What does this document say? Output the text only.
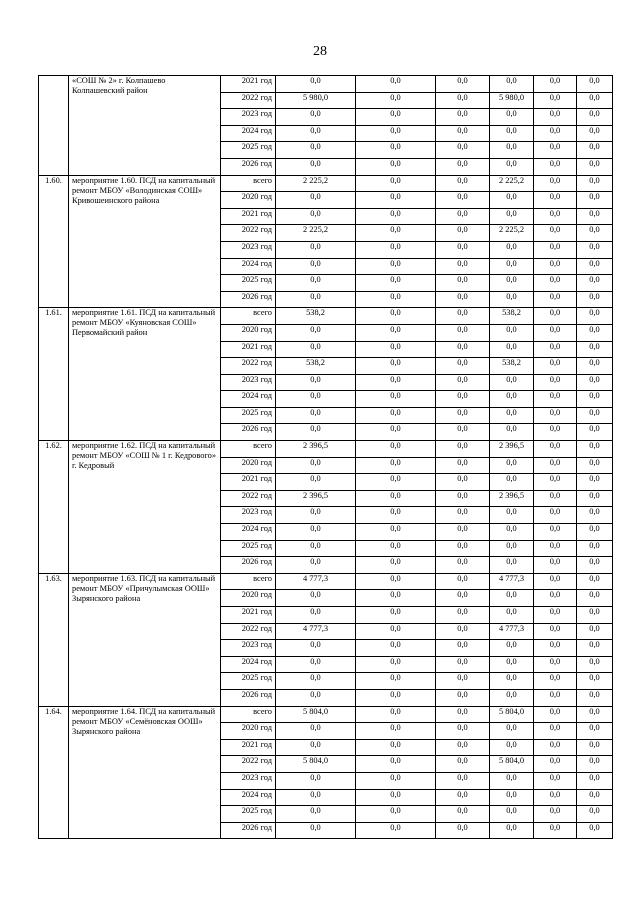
28
	«СОШ № 2» г. Колпашево Колпашевский район	2021 год	0,0	0,0	0,0	0,0	0,0	0,0
		2022 год	5 980,0	0,0	0,0	5 980,0	0,0	0,0
		2023 год	0,0	0,0	0,0	0,0	0,0	0,0
		2024 год	0,0	0,0	0,0	0,0	0,0	0,0
		2025 год	0,0	0,0	0,0	0,0	0,0	0,0
		2026 год	0,0	0,0	0,0	0,0	0,0	0,0
1.60.	мероприятие 1.60. ПСД на капитальный ремонт МБОУ «Володинская СОШ» Кривошеинского района	всего	2 225,2	0,0	0,0	2 225,2	0,0	0,0
		2020 год	0,0	0,0	0,0	0,0	0,0	0,0
		2021 год	0,0	0,0	0,0	0,0	0,0	0,0
		2022 год	2 225,2	0,0	0,0	2 225,2	0,0	0,0
		2023 год	0,0	0,0	0,0	0,0	0,0	0,0
		2024 год	0,0	0,0	0,0	0,0	0,0	0,0
		2025 год	0,0	0,0	0,0	0,0	0,0	0,0
		2026 год	0,0	0,0	0,0	0,0	0,0	0,0
1.61.	мероприятие 1.61. ПСД на капитальный ремонт МБОУ «Куяновская СОШ» Первомайский район	всего	538,2	0,0	0,0	538,2	0,0	0,0
		2020 год	0,0	0,0	0,0	0,0	0,0	0,0
		2021 год	0,0	0,0	0,0	0,0	0,0	0,0
		2022 год	538,2	0,0	0,0	538,2	0,0	0,0
		2023 год	0,0	0,0	0,0	0,0	0,0	0,0
		2024 год	0,0	0,0	0,0	0,0	0,0	0,0
		2025 год	0,0	0,0	0,0	0,0	0,0	0,0
		2026 год	0,0	0,0	0,0	0,0	0,0	0,0
1.62.	мероприятие 1.62. ПСД на капитальный ремонт МБОУ «СОШ № 1 г. Кедрового» г. Кедровый	всего	2 396,5	0,0	0,0	2 396,5	0,0	0,0
		2020 год	0,0	0,0	0,0	0,0	0,0	0,0
		2021 год	0,0	0,0	0,0	0,0	0,0	0,0
		2022 год	2 396,5	0,0	0,0	2 396,5	0,0	0,0
		2023 год	0,0	0,0	0,0	0,0	0,0	0,0
		2024 год	0,0	0,0	0,0	0,0	0,0	0,0
		2025 год	0,0	0,0	0,0	0,0	0,0	0,0
		2026 год	0,0	0,0	0,0	0,0	0,0	0,0
1.63.	мероприятие 1.63. ПСД на капитальный ремонт МБОУ «Причулымская ООШ» Зырянского района	всего	4 777,3	0,0	0,0	4 777,3	0,0	0,0
		2020 год	0,0	0,0	0,0	0,0	0,0	0,0
		2021 год	0,0	0,0	0,0	0,0	0,0	0,0
		2022 год	4 777,3	0,0	0,0	4 777,3	0,0	0,0
		2023 год	0,0	0,0	0,0	0,0	0,0	0,0
		2024 год	0,0	0,0	0,0	0,0	0,0	0,0
		2025 год	0,0	0,0	0,0	0,0	0,0	0,0
		2026 год	0,0	0,0	0,0	0,0	0,0	0,0
1.64.	мероприятие 1.64. ПСД на капитальный ремонт МБОУ «Семёновская ООШ» Зырянского района	всего	5 804,0	0,0	0,0	5 804,0	0,0	0,0
		2020 год	0,0	0,0	0,0	0,0	0,0	0,0
		2021 год	0,0	0,0	0,0	0,0	0,0	0,0
		2022 год	5 804,0	0,0	0,0	5 804,0	0,0	0,0
		2023 год	0,0	0,0	0,0	0,0	0,0	0,0
		2024 год	0,0	0,0	0,0	0,0	0,0	0,0
		2025 год	0,0	0,0	0,0	0,0	0,0	0,0
		2026 год	0,0	0,0	0,0	0,0	0,0	0,0
